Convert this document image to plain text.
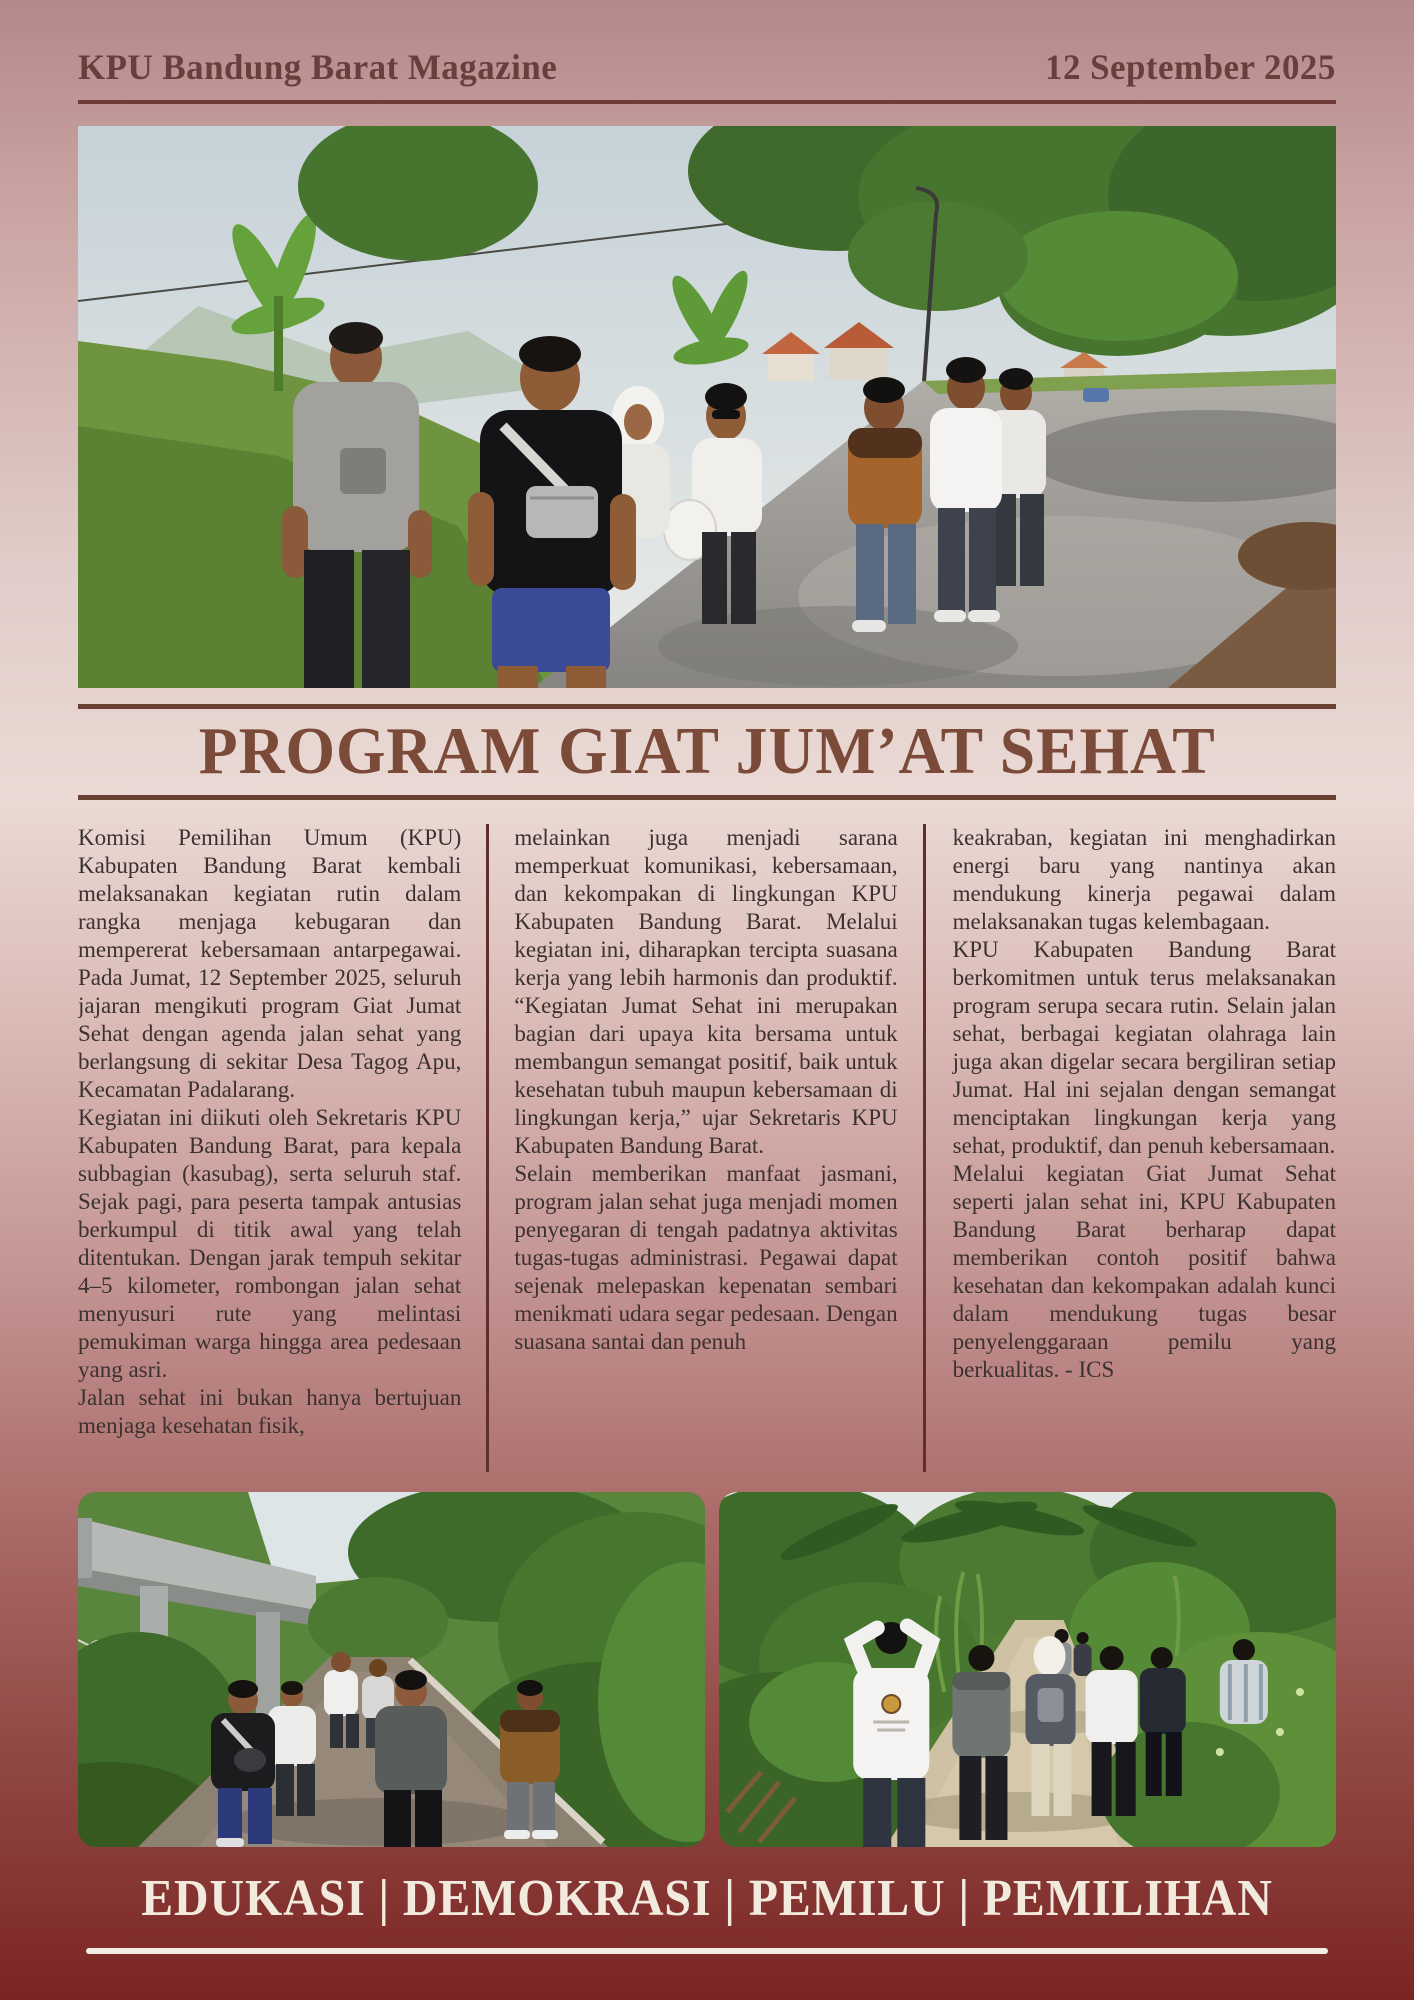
KPU Bandung Barat Magazine	12 September 2025
PROGRAM GIAT JUM’AT SEHAT

Komisi Pemilihan Umum (KPU) Kabupaten Bandung Barat kembali melaksanakan kegiatan rutin dalam rangka menjaga kebugaran dan mempererat kebersamaan antarpegawai. Pada Jumat, 12 September 2025, seluruh jajaran mengikuti program Giat Jumat Sehat dengan agenda jalan sehat yang berlangsung di sekitar Desa Tagog Apu, Kecamatan Padalarang.

Kegiatan ini diikuti oleh Sekretaris KPU Kabupaten Bandung Barat, para kepala subbagian (kasubag), serta seluruh staf. Sejak pagi, para peserta tampak antusias berkumpul di titik awal yang telah ditentukan. Dengan jarak tempuh sekitar 4–5 kilometer, rombongan jalan sehat menyusuri rute yang melintasi pemukiman warga hingga area pedesaan yang asri.

Jalan sehat ini bukan hanya bertujuan menjaga kesehatan fisik,

melainkan juga menjadi sarana memperkuat komunikasi, kebersamaan, dan kekompakan di lingkungan KPU Kabupaten Bandung Barat. Melalui kegiatan ini, diharapkan tercipta suasana kerja yang lebih harmonis dan produktif. “Kegiatan Jumat Sehat ini merupakan bagian dari upaya kita bersama untuk membangun semangat positif, baik untuk kesehatan tubuh maupun kebersamaan di lingkungan kerja,” ujar Sekretaris KPU Kabupaten Bandung Barat.

Selain memberikan manfaat jasmani, program jalan sehat juga menjadi momen penyegaran di tengah padatnya aktivitas tugas-tugas administrasi. Pegawai dapat sejenak melepaskan kepenatan sembari menikmati udara segar pedesaan. Dengan suasana santai dan penuh

keakraban, kegiatan ini menghadirkan energi baru yang nantinya akan mendukung kinerja pegawai dalam melaksanakan tugas kelembagaan.

KPU Kabupaten Bandung Barat berkomitmen untuk terus melaksanakan program serupa secara rutin. Selain jalan sehat, berbagai kegiatan olahraga lain juga akan digelar secara bergiliran setiap Jumat. Hal ini sejalan dengan semangat menciptakan lingkungan kerja yang sehat, produktif, dan penuh kebersamaan.

Melalui kegiatan Giat Jumat Sehat seperti jalan sehat ini, KPU Kabupaten Bandung Barat berharap dapat memberikan contoh positif bahwa kesehatan dan kekompakan adalah kunci dalam mendukung tugas besar penyelenggaraan pemilu yang berkualitas. - ICS

EDUKASI | DEMOKRASI | PEMILU | PEMILIHAN
